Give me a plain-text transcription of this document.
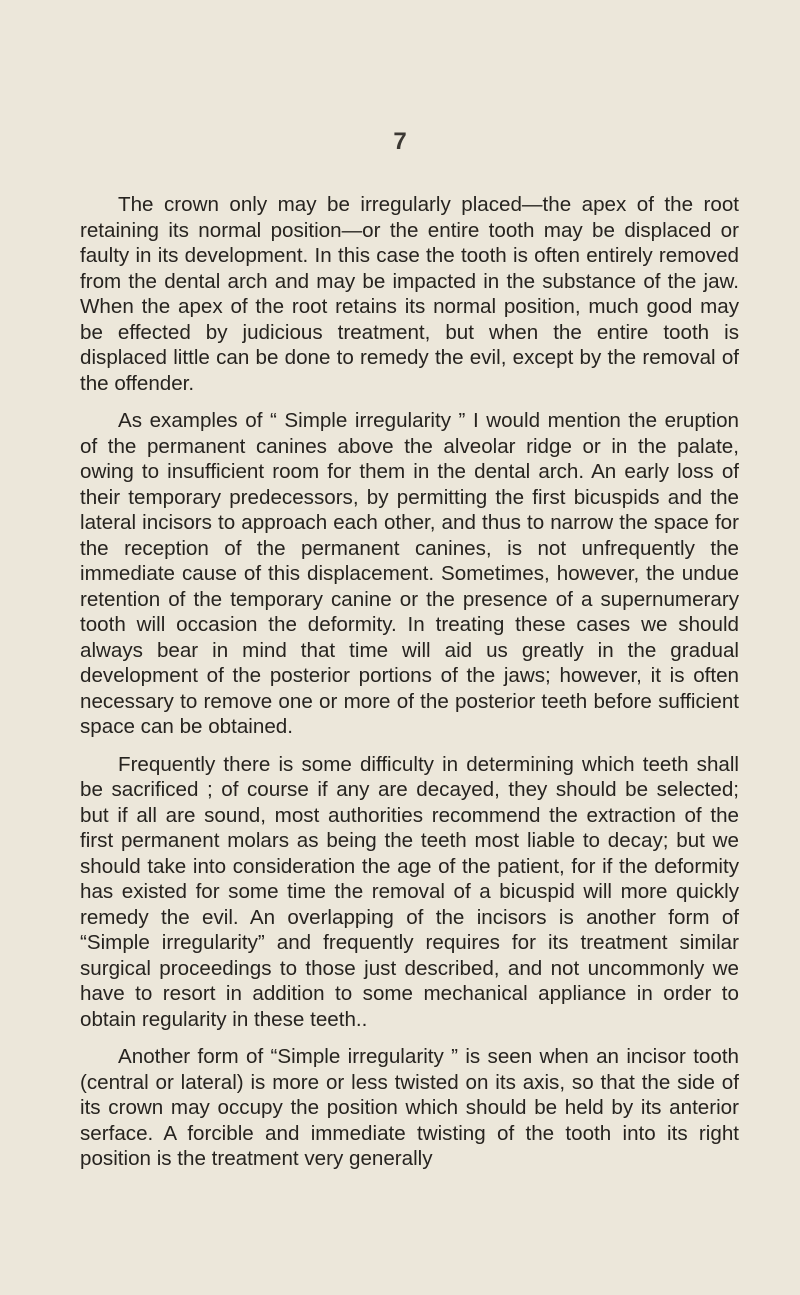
7

The crown only may be irregularly placed—the apex of the root retaining its normal position—or the entire tooth may be displaced or faulty in its development. In this case the tooth is often entirely removed from the dental arch and may be impacted in the substance of the jaw. When the apex of the root retains its normal position, much good may be effected by judicious treatment, but when the entire tooth is displaced little can be done to remedy the evil, except by the removal of the offender.

As examples of “ Simple irregularity ” I would mention the eruption of the permanent canines above the alveolar ridge or in the palate, owing to insufficient room for them in the dental arch. An early loss of their temporary predecessors, by permitting the first bicuspids and the lateral incisors to approach each other, and thus to narrow the space for the reception of the permanent canines, is not unfrequently the immediate cause of this displacement. Sometimes, however, the undue retention of the temporary canine or the presence of a supernumerary tooth will occasion the deformity. In treating these cases we should always bear in mind that time will aid us greatly in the gradual development of the posterior portions of the jaws; however, it is often necessary to remove one or more of the posterior teeth before sufficient space can be obtained.

Frequently there is some difficulty in determining which teeth shall be sacrificed ; of course if any are decayed, they should be selected; but if all are sound, most authorities recommend the extraction of the first permanent molars as being the teeth most liable to decay; but we should take into consideration the age of the patient, for if the deformity has existed for some time the removal of a bicuspid will more quickly remedy the evil. An overlapping of the incisors is another form of “Simple irregularity” and frequently requires for its treatment similar surgical proceedings to those just described, and not uncommonly we have to resort in addition to some mechanical appliance in order to obtain regularity in these teeth..

Another form of “Simple irregularity ” is seen when an incisor tooth (central or lateral) is more or less twisted on its axis, so that the side of its crown may occupy the position which should be held by its anterior serface. A forcible and immediate twisting of the tooth into its right position is the treatment very generally
